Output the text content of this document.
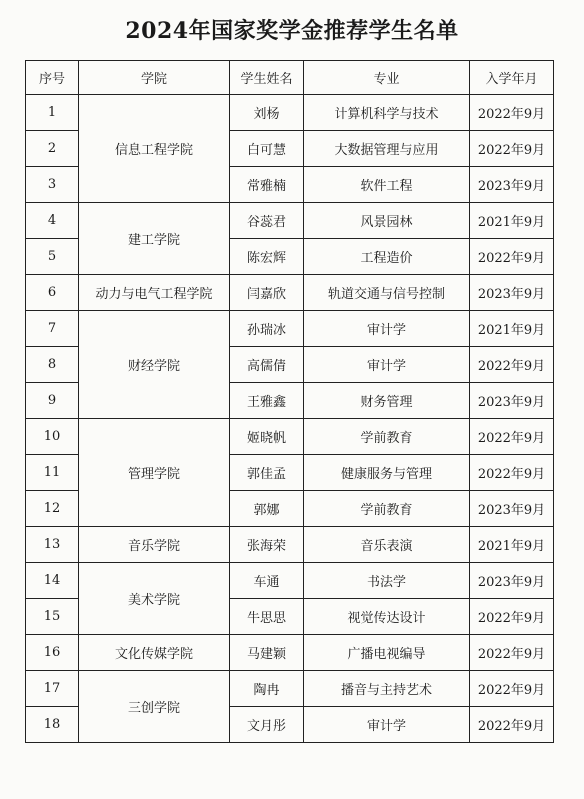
2024年国家奖学金推荐学生名单
序号	学院	学生姓名	专业	入学年月
1	信息工程学院	刘杨	计算机科学与技术	2022年9月
2		白可慧	大数据管理与应用	2022年9月
3		常雅楠	软件工程	2023年9月
4	建工学院	谷蕊君	风景园林	2021年9月
5		陈宏辉	工程造价	2022年9月
6	动力与电气工程学院	闫嘉欣	轨道交通与信号控制	2023年9月
7	财经学院	孙瑞冰	审计学	2021年9月
8		高儒倩	审计学	2022年9月
9		王雅鑫	财务管理	2023年9月
10	管理学院	姬晓帆	学前教育	2022年9月
11		郭佳孟	健康服务与管理	2022年9月
12		郭娜	学前教育	2023年9月
13	音乐学院	张海荣	音乐表演	2021年9月
14	美术学院	车通	书法学	2023年9月
15		牛思思	视觉传达设计	2022年9月
16	文化传媒学院	马建颖	广播电视编导	2022年9月
17	三创学院	陶冉	播音与主持艺术	2022年9月
18		文月彤	审计学	2022年9月
